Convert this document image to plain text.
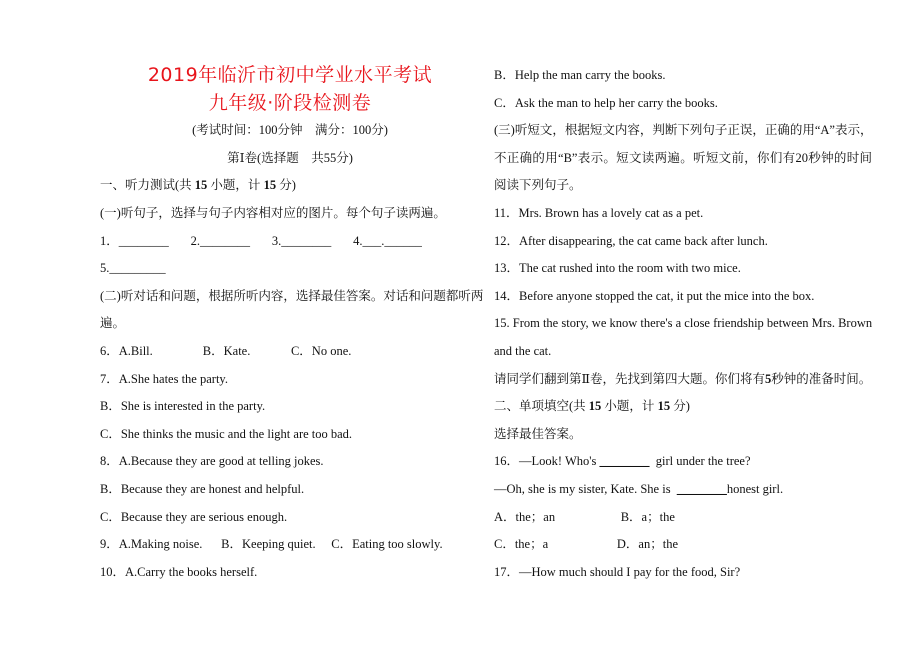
2019年临沂市初中学业水平考试
九年级·阶段检测卷
(考试时间：100分钟    满分：100分)
第Ⅰ卷(选择题    共55分)
一、听力测试(共 15 小题，计 15 分)
(一)听句子，选择与句子内容相对应的图片。每个句子读两遍。
1．________       2.________       3.________       4.___.______
5._________
(二)听对话和问题，根据所听内容，选择最佳答案。对话和问题都听两
遍。
6．A.Bill.                B．Kate.             C．No one.
7．A.She hates the party.
B．She is interested in the party.
C．She thinks the music and the light are too bad.
8．A.Because they are good at telling jokes.
B．Because they are honest and helpful.
C．Because they are serious enough.
9．A.Making noise.      B．Keeping quiet.     C．Eating too slowly.
10．A.Carry the books herself.
B．Help the man carry the books.
C．Ask the man to help her carry the books.
(三)听短文，根据短文内容，判断下列句子正误，正确的用“A”表示，
不正确的用“B”表示。短文读两遍。听短文前，你们有20秒钟的时间
阅读下列句子。
11．Mrs. Brown has a lovely cat as a pet.
12．After disappearing, the cat came back after lunch.
13．The cat rushed into the room with two mice.
14．Before anyone stopped the cat, it put the mice into the box.
15. From the story, we know there's a close friendship between Mrs. Brown
and the cat.
请同学们翻到第Ⅱ卷，先找到第四大题。你们将有5秒钟的准备时间。
二、单项填空(共 15 小题，计 15 分)
选择最佳答案。
16．—Look! Who's ________  girl under the tree?
—Oh, she is my sister, Kate. She is  ________honest girl.
A．the；an                     B．a；the
C．the；a                      D．an；the
17．—How much should I pay for the food, Sir?
